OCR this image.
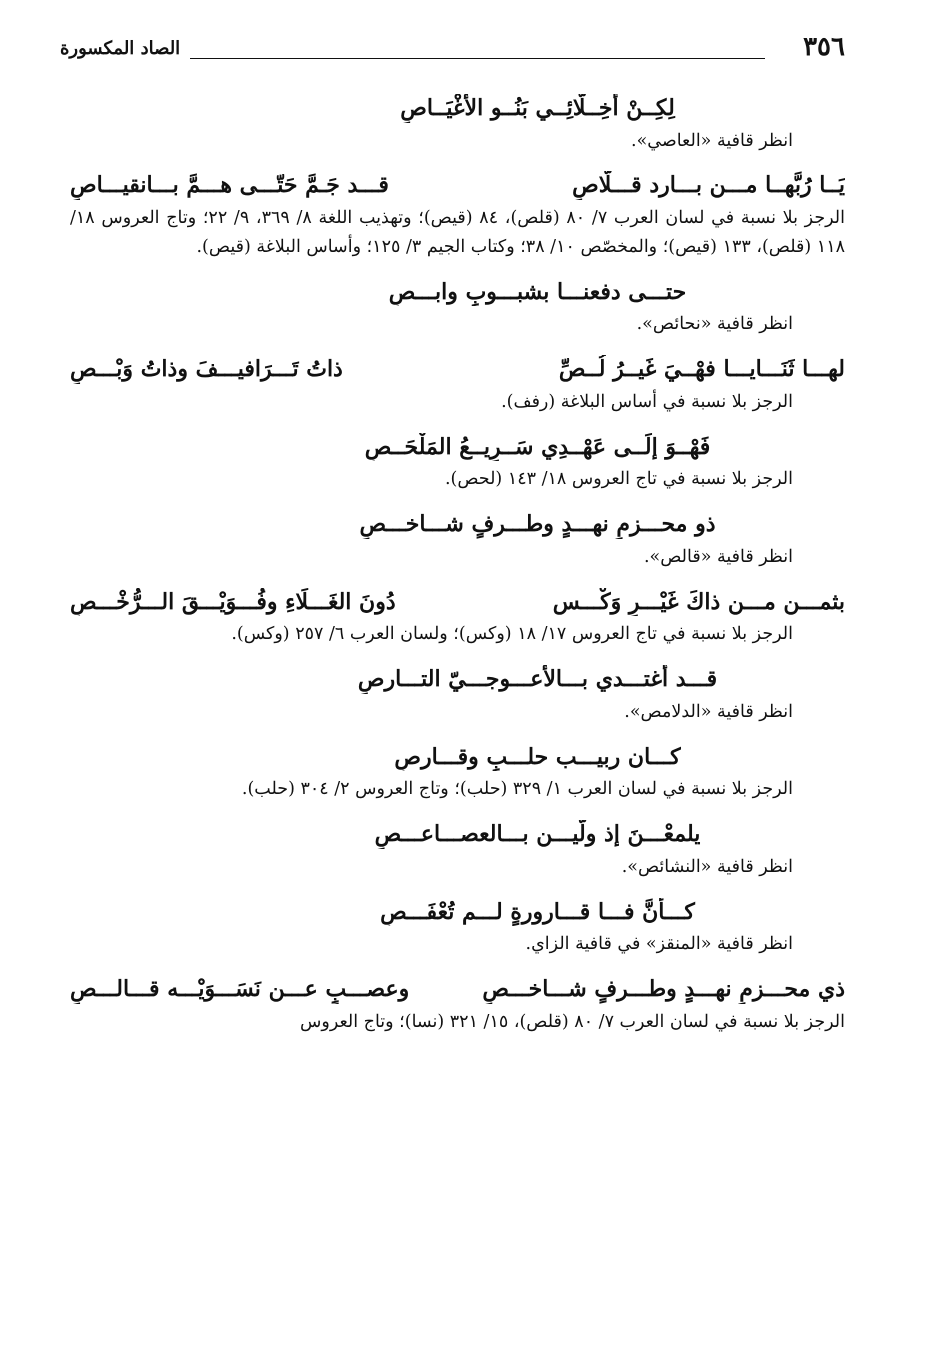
٣٥٦
الصاد المكسورة
لِكِــنْ أَخِــلَّائِــي بَنُــو الأَغْيَــاصِ
انظر قافية «العاصي».
يَــا رُبَّهــا مـــن بـــارد قـــلَّاصِ
قـــد جَـمَّ حَتّـــى هـــمَّ بـــانقيـــاصِ
الرجز بلا نسبة في لسان العرب ٧/ ٨٠ (قلص)، ٨٤ (قيص)؛ وتهذيب اللغة ٨/ ٣٦٩، ٩/ ٢٢؛ وتاج العروس ١٨/ ١١٨ (قلص)، ١٣٣ (قيص)؛ والمخصّص ١٠/ ٣٨؛ وكتاب الجيم ٣/ ١٢٥؛ وأساس البلاغة (قيص).
حتـــى دفعنـــا بشبـــوبٍ وابـــصِ
انظر قافية «نحائص».
لهـــا ثَنَـــايـــا فهْــيَ غَيــرُ لُــصِّ
ذاتُ تَـــرَافيـــفَ وذاتُ وَبْـــصِ
الرجز بلا نسبة في أساس البلاغة (رفف).
فَهْــوَ إلَــى عَهْــدِي سَــرِيــعُ المَلْحَــصِ
الرجز بلا نسبة في تاج العروس ١٨/ ١٤٣ (لحص).
ذو محـــزمٍ نهـــدٍ وطـــرفٍ شـــاخـــصِ
انظر قافية «قالص».
بثمـــن مـــن ذاكَ غَيْـــرِ وَكْـــس
دُونَ الغَـــلَاءِ وفُـــوَيْـــقَ الـــرُّخْـــصِ
الرجز بلا نسبة في تاج العروس ١٧/ ١٨ (وكس)؛ ولسان العرب ٦/ ٢٥٧ (وكس).
قـــد أغتـــدي بـــالأعـــوجـــيّ التـــارصِ
انظر قافية «الدلامص».
كـــان ربيـــب حلـــبٍ وقـــارصِ
الرجز بلا نسبة في لسان العرب ١/ ٣٢٩ (حلب)؛ وتاج العروس ٢/ ٣٠٤ (حلب).
يلمعْـــنَ إذ ولَّيـــن بـــالعصـــاعـــصِ
انظر قافية «النشائص».
كـــأنَّ فـــا قـــارورةٍ لـــم تُعْفَـــصِ
انظر قافية «المنقز» في قافية الزاي.
ذي محـــزمٍ نهـــدٍ وطـــرفٍ شـــاخـــصِ
وعصـــبٍ عـــن نَسَـــوَيْـــه قـــالـــصِ
الرجز بلا نسبة في لسان العرب ٧/ ٨٠ (قلص)، ١٥/ ٣٢١ (نسا)؛ وتاج العروس
